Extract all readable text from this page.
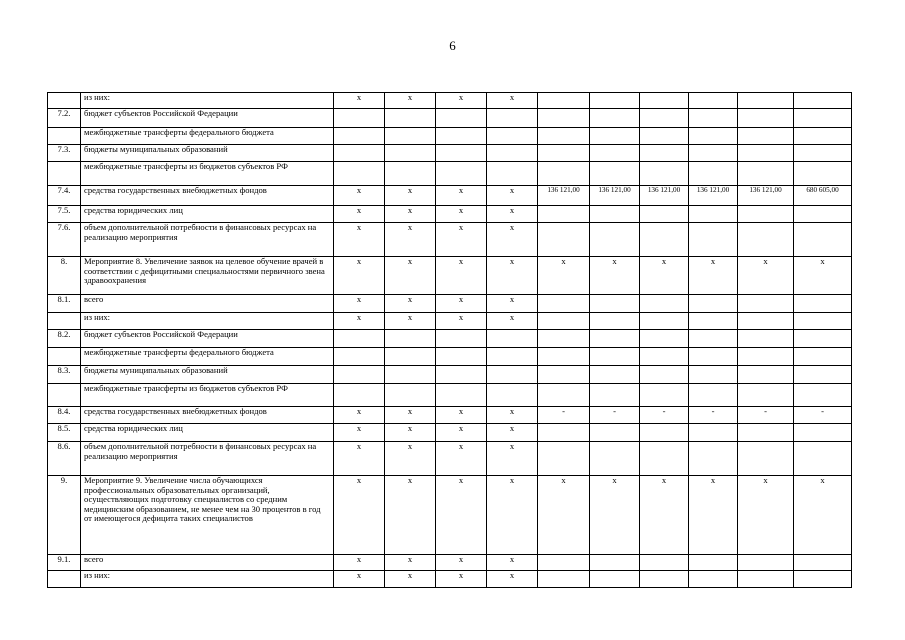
6
	из них:	х	х	х	х						
7.2.	бюджет субъектов Российской Федерации										
	межбюджетные трансферты федерального бюджета										
7.3.	бюджеты муниципальных образований										
	межбюджетные трансферты из бюджетов субъектов РФ										
7.4.	средства государственных внебюджетных фондов	х	х	х	х	136 121,00	136 121,00	136 121,00	136 121,00	136 121,00	680 605,00
7.5.	средства юридических лиц	х	х	х	х						
7.6.	объем дополнительной потребности в финансовых ресурсах на реализацию мероприятия	х	х	х	х						
8.	Мероприятие 8. Увеличение заявок на целевое обучение врачей в соответствии с дефицитными специальностями первичного звена здравоохранения	х	х	х	х	х	х	х	х	х	х
8.1.	всего	х	х	х	х						
	из них:	х	х	х	х						
8.2.	бюджет субъектов Российской Федерации										
	межбюджетные трансферты федерального бюджета										
8.3.	бюджеты муниципальных образований										
	межбюджетные трансферты из бюджетов субъектов РФ										
8.4.	средства государственных внебюджетных фондов	х	х	х	х	-	-	-	-	-	-
8.5.	средства юридических лиц	х	х	х	х						
8.6.	объем дополнительной потребности в финансовых ресурсах на реализацию мероприятия	х	х	х	х						
9.	Мероприятие 9. Увеличение числа обучающихся профессиональных образовательных организаций, осуществляющих подготовку специалистов со средним медицинским образованием, не менее чем на 30 процентов в год от имеющегося дефицита таких специалистов	х	х	х	х	х	х	х	х	х	х
9.1.	всего	х	х	х	х						
	из них:	х	х	х	х						
